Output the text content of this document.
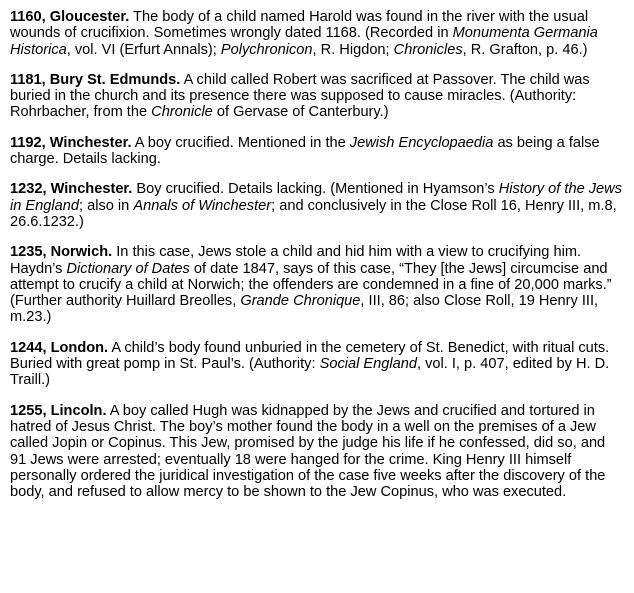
1160, Gloucester. The body of a child named Harold was found in the river with the usual wounds of crucifixion. Sometimes wrongly dated 1168. (Recorded in Monumenta Germania Historica, vol. VI (Erfurt Annals); Polychronicon, R. Higdon; Chronicles, R. Grafton, p. 46.)

1181, Bury St. Edmunds. A child called Robert was sacrificed at Passover. The child was buried in the church and its presence there was supposed to cause miracles. (Authority: Rohrbacher, from the Chronicle of Gervase of Canterbury.)

1192, Winchester. A boy crucified. Mentioned in the Jewish Encyclopaedia as being a false charge. Details lacking.

1232, Winchester. Boy crucified. Details lacking. (Mentioned in Hyamson’s History of the Jews in England; also in Annals of Winchester; and conclusively in the Close Roll 16, Henry III, m.8, 26.6.1232.)

1235, Norwich. In this case, Jews stole a child and hid him with a view to crucifying him. Haydn’s Dictionary of Dates of date 1847, says of this case, “They [the Jews] circumcise and attempt to crucify a child at Norwich; the offenders are condemned in a fine of 20,000 marks.” (Further authority Huillard Breolles, Grande Chronique, III, 86; also Close Roll, 19 Henry III, m.23.)

1244, London. A child’s body found unburied in the cemetery of St. Benedict, with ritual cuts. Buried with great pomp in St. Paul’s. (Authority: Social England, vol. I, p. 407, edited by H. D. Traill.)

1255, Lincoln. A boy called Hugh was kidnapped by the Jews and crucified and tortured in hatred of Jesus Christ. The boy’s mother found the body in a well on the premises of a Jew called Jopin or Copinus. This Jew, promised by the judge his life if he confessed, did so, and 91 Jews were arrested; eventually 18 were hanged for the crime. King Henry III himself personally ordered the juridical investigation of the case five weeks after the discovery of the body, and refused to allow mercy to be shown to the Jew Copinus, who was executed.
